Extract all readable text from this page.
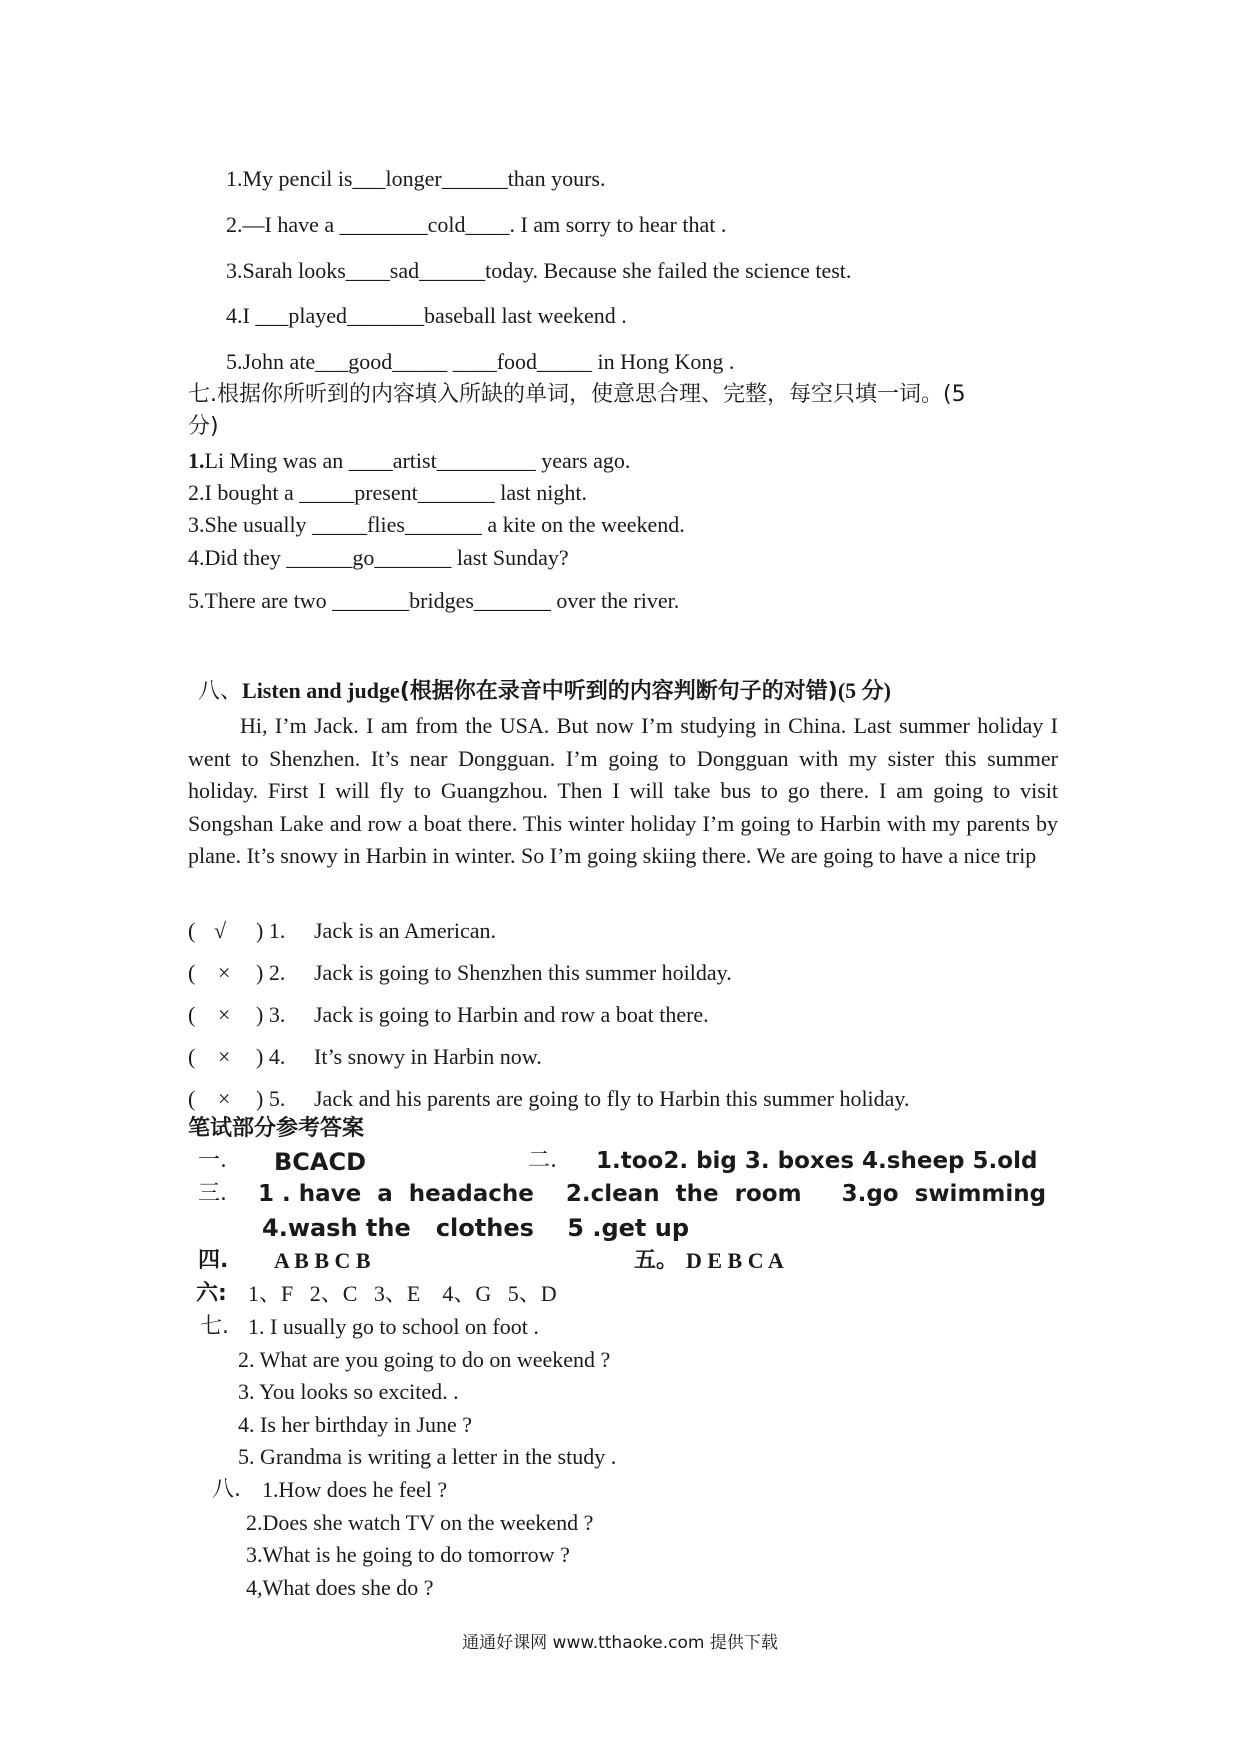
1.My pencil is___longer______than yours.
2.—I have a ________cold____. I am sorry to hear that .
3.Sarah looks____sad______today. Because she failed the science test.
4.I ___played_______baseball last weekend .
5.John ate___good_____ ____food_____ in Hong Kong .
七.根据你所听到的内容填入所缺的单词，使意思合理、完整，每空只填一词。(5
分)
1.Li Ming was an ____artist_________ years ago.
2.I bought a _____present_______ last night.
3.She usually _____flies_______ a kite on the weekend.
4.Did they ______go_______ last Sunday?
5.There are two _______bridges_______ over the river.
八、Listen and judge(根据你在录音中听到的内容判断句子的对错)(5 分)

Hi, I’m Jack. I am from the USA. But now I’m studying in China. Last summer holiday I went to Shenzhen. It’s near Dongguan. I’m going to Dongguan with my sister this summer holiday. First I will fly to Guangzhou. Then I will take bus to go there. I am going to visit Songshan Lake and row a boat there. This winter holiday I’m going to Harbin with my parents by plane. It’s snowy in Harbin in winter. So I’m going skiing there. We are going to have a nice trip

( √ ) 1. Jack is an American.
( × ) 2. Jack is going to Shenzhen this summer hoilday.
( × ) 3. Jack is going to Harbin and row a boat there.
( × ) 4. It’s snowy in Harbin now.
( × ) 5. Jack and his parents are going to fly to Harbin this summer holiday.
笔试部分参考答案
一. BCACD	二. 1.too2. big 3. boxes 4.sheep 5.old
三. 1 . have  a  headache    2.clean  the  room     3.go  swimming
4.wash the   clothes    5 .get up
四. A B B C B	五。 D E B C A
六: 1、F   2、C   3、E    4、G   5、D
七. 1. I usually go to school on foot .
2. What are you going to do on weekend ?
3. You looks so excited. .
4. Is her birthday in June ?
5. Grandma is writing a letter in the study .
八. 1.How does he feel ?
2.Does she watch TV on the weekend ?
3.What is he going to do tomorrow ?
4,What does she do ?
通通好课网 www.tthaoke.com 提供下载
